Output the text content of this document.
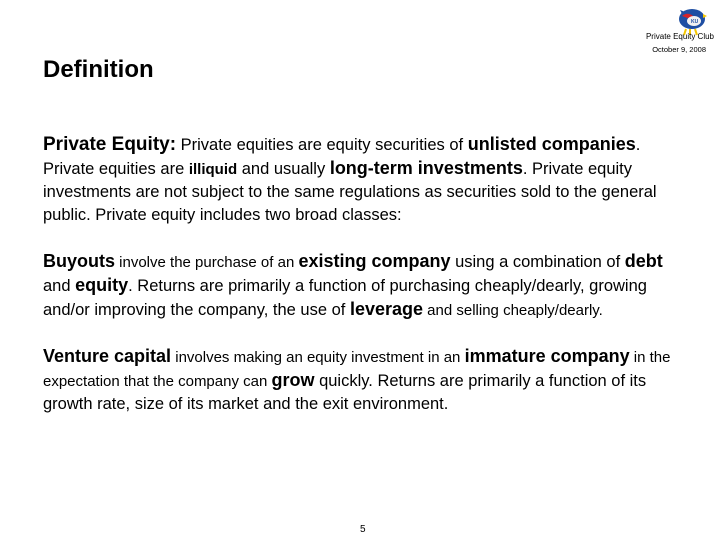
KU
Private Equity Club
October 9, 2008
Definition

Private Equity: Private equities are equity securities of unlisted companies. Private equities are illiquid and usually long-term investments. Private equity investments are not subject to the same regulations as securities sold to the general public. Private equity includes two broad classes:

Buyouts involve the purchase of an existing company using a combination of debt and equity. Returns are primarily a function of purchasing cheaply/dearly, growing and/or improving the company, the use of leverage and selling cheaply/dearly.

Venture capital involves making an equity investment in an immature company in the expectation that the company can grow quickly. Returns are primarily a function of its growth rate, size of its market and the exit environment.

5
